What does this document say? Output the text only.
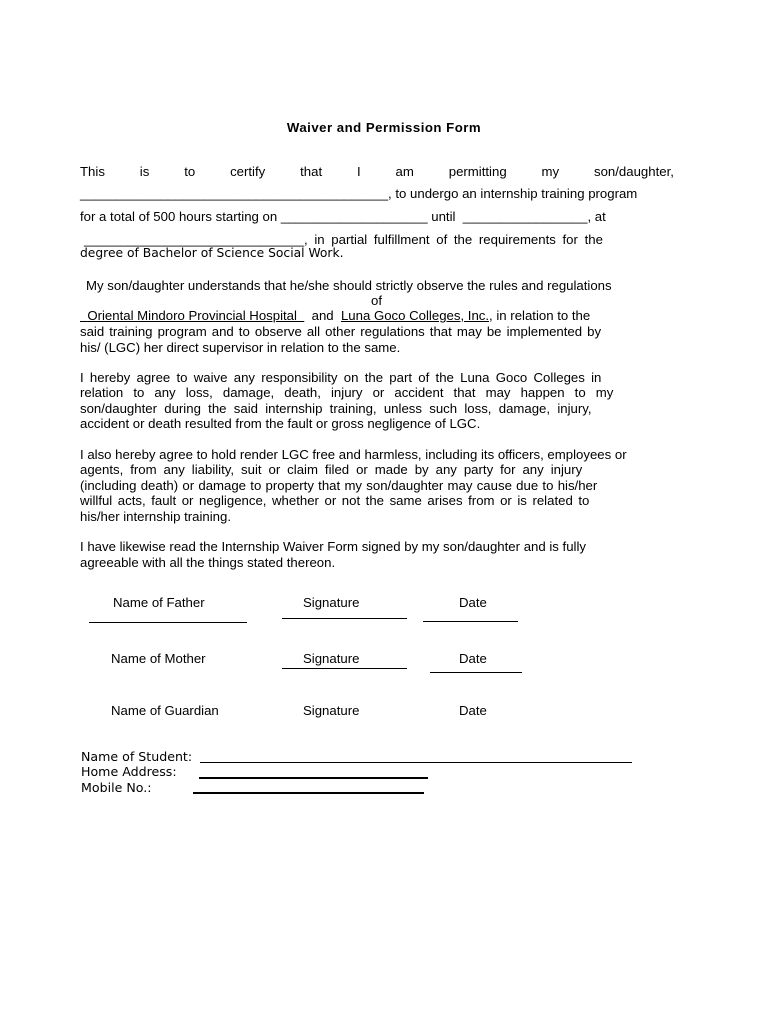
Waiver and Permission Form
This	is	to	certify	that	I	am	permitting	my	son/daughter,
__________________________________________, to undergo an internship training program
for a total of 500 hours starting on ____________________ until _________________, at
______________________________, in partial fulfillment of the requirements for the
degree of Bachelor of Science Social Work.
My son/daughter understands that he/she should strictly observe the rules and regulations
of
Oriental Mindoro Provincial Hospital and Luna Goco Colleges, Inc., in relation to the
said training program and to observe all other regulations that may be implemented by
his/ (LGC) her direct supervisor in relation to the same.
I hereby agree to waive any responsibility on the part of the Luna Goco Colleges in
relation to any loss, damage, death, injury or accident that may happen to my
son/daughter during the said internship training, unless such loss, damage, injury,
accident or death resulted from the fault or gross negligence of LGC.
I also hereby agree to hold render LGC free and harmless, including its officers, employees or
agents, from any liability, suit or claim filed or made by any party for any injury
(including death) or damage to property that my son/daughter may cause due to his/her
willful acts, fault or negligence, whether or not the same arises from or is related to
his/her internship training.
I have likewise read the Internship Waiver Form signed by my son/daughter and is fully
agreeable with all the things stated thereon.
Name of Father	Signature	Date
Name of Mother	Signature	Date
Name of Guardian	Signature	Date
Name of Student:
Home Address:
Mobile No.:
